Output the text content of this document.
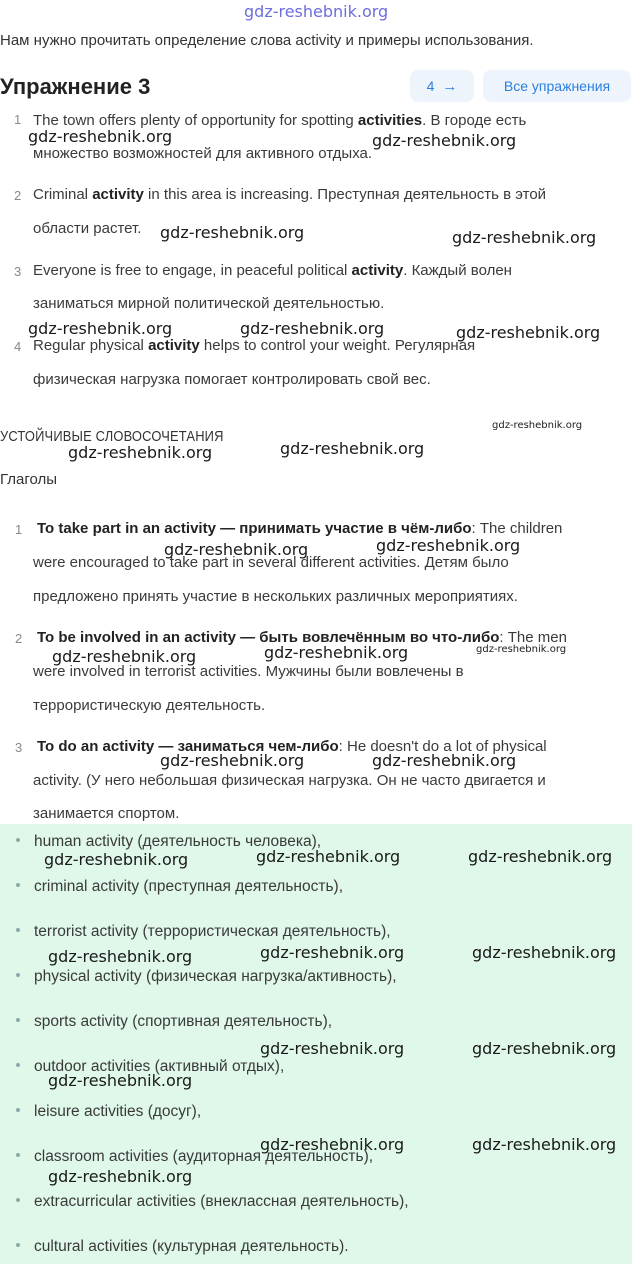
gdz-reshebnik.org
Нам нужно прочитать определение слова activity и примеры использования.
Упражнение 3	4 →	Все упражнения
1 The town offers plenty of opportunity for spotting activities. В городе есть
множество возможностей для активного отдыха.
2 Criminal activity in this area is increasing. Преступная деятельность в этой
области растет.
3 Everyone is free to engage, in peaceful political activity. Каждый волен
заниматься мирной политической деятельностью.
4 Regular physical activity helps to control your weight. Регулярная
физическая нагрузка помогает контролировать свой вес.
УСТОЙЧИВЫЕ СЛОВОСОЧЕТАНИЯ
Глаголы
1 To take part in an activity — принимать участие в чём-либо: The children
were encouraged to take part in several different activities. Детям было
предложено принять участие в нескольких различных мероприятиях.
2 To be involved in an activity — быть вовлечённым во что-либо: The men
were involved in terrorist activities. Мужчины были вовлечены в
террористическую деятельность.
3 To do an activity — заниматься чем-либо: He doesn't do a lot of physical
activity. (У него небольшая физическая нагрузка. Он не часто двигается и
занимается спортом.
human activity (деятельность человека),
criminal activity (преступная деятельность),
terrorist activity (террористическая деятельность),
physical activity (физическая нагрузка/активность),
sports activity (спортивная деятельность),
outdoor activities (активный отдых),
leisure activities (досуг),
classroom activities (аудиторная деятельность),
extracurricular activities (внеклассная деятельность),
cultural activities (культурная деятельность).
gdz-reshebnik.org	gdz-reshebnik.org
gdz-reshebnik.org	gdz-reshebnik.org
gdz-reshebnik.org	gdz-reshebnik.org	gdz-reshebnik.org
gdz-reshebnik.org
gdz-reshebnik.org
gdz-reshebnik.org
gdz-reshebnik.org
gdz-reshebnik.org
gdz-reshebnik.org
gdz-reshebnik.org
gdz-reshebnik.org
gdz-reshebnik.org	gdz-reshebnik.org
gdz-reshebnik.org	gdz-reshebnik.org
gdz-reshebnik.org
gdz-reshebnik.org	gdz-reshebnik.org
gdz-reshebnik.org
gdz-reshebnik.org	gdz-reshebnik.org
gdz-reshebnik.org
gdz-reshebnik.org	gdz-reshebnik.org
gdz-reshebnik.org
